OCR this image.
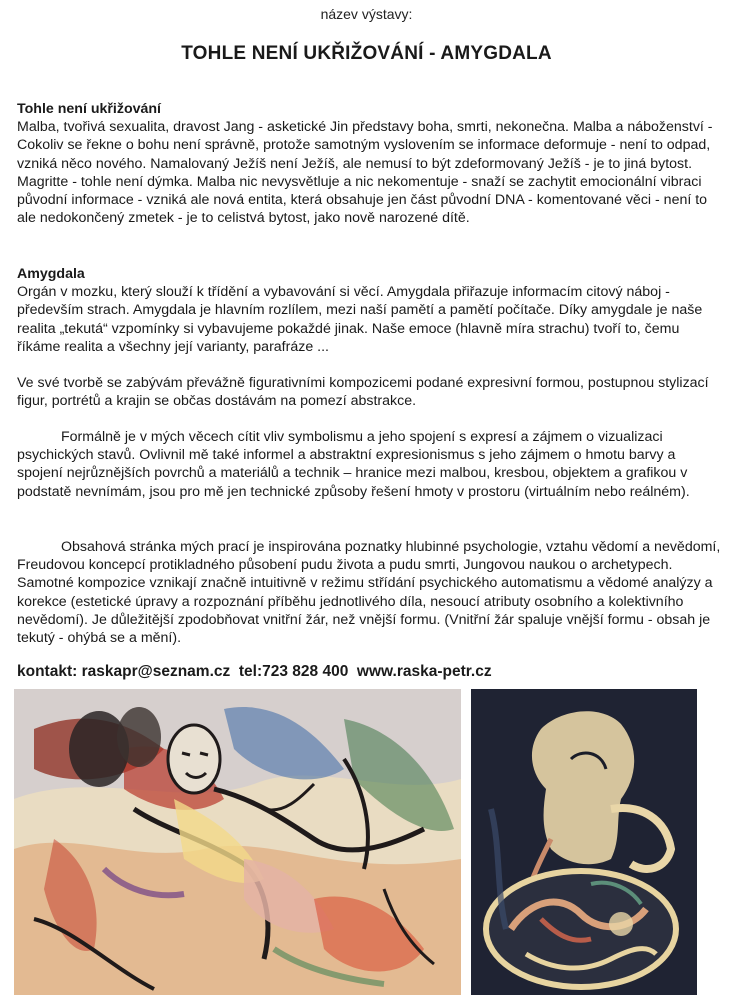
název výstavy:
TOHLE NENÍ UKŘIŽOVÁNÍ - AMYGDALA
Tohle není ukřižování

Malba, tvořivá sexualita, dravost Jang - asketické Jin představy boha, smrti, nekonečna. Malba a náboženství - Cokoliv se řekne o bohu není správně, protože samotným vyslovením se informace deformuje - není to odpad, vzniká něco nového. Namalovaný Ježíš není Ježíš, ale nemusí to být zdeformovaný Ježíš - je to jiná bytost. Magritte - tohle není dýmka. Malba nic nevysvětluje a nic nekomentuje - snaží se zachytit emocionální vibraci původní informace - vzniká ale nová entita, která obsahuje jen část původní DNA - komentované věci - není to ale nedokončený zmetek - je to celistvá bytost, jako nově narozené dítě.

Amygdala

Orgán v mozku, který slouží k třídění a vybavování si věcí. Amygdala přiřazuje informacím citový náboj - především strach. Amygdala je hlavním rozlílem, mezi naší pamětí a pamětí počítače. Díky amygdale je naše realita „tekutá“ vzpomínky si vybavujeme pokaždé jinak. Naše emoce (hlavně míra strachu) tvoří to, čemu říkáme realita a všechny její varianty, parafráze ...

Ve své tvorbě se zabývám převážně figurativními kompozicemi podané expresivní formou, postupnou stylizací figur, portrétů a krajin se občas dostávám na pomezí abstrakce.

Formálně je v mých věcech cítit vliv symbolismu a jeho spojení s expresí a zájmem o vizualizaci psychických stavů. Ovlivnil mě také informel a abstraktní expresionismus s jeho zájmem o hmotu barvy a spojení nejrůznějších povrchů a materiálů a technik – hranice mezi malbou, kresbou, objektem a grafikou v podstatě nevnímám, jsou pro mě jen technické způsoby řešení hmoty v prostoru (virtuálním nebo reálném).

Obsahová stránka mých prací je inspirována poznatky hlubinné psychologie, vztahu vědomí a nevědomí, Freudovou koncepcí protikladného působení pudu života a pudu smrti, Jungovou naukou o archetypech. Samotné kompozice vznikají značně intuitivně v režimu střídání psychického automatismu a vědomé analýzy a korekce (estetické úpravy a rozpoznání příběhu jednotlivého díla, nesoucí atributy osobního a kolektivního nevědomí). Je důležitější zpodobňovat vnitřní žár, než vnější formu. (Vnitřní žár spaluje vnější formu - obsah je tekutý - ohýbá se a mění).

kontakt: raskapr@seznam.cz  tel:723 828 400  www.raska-petr.cz
